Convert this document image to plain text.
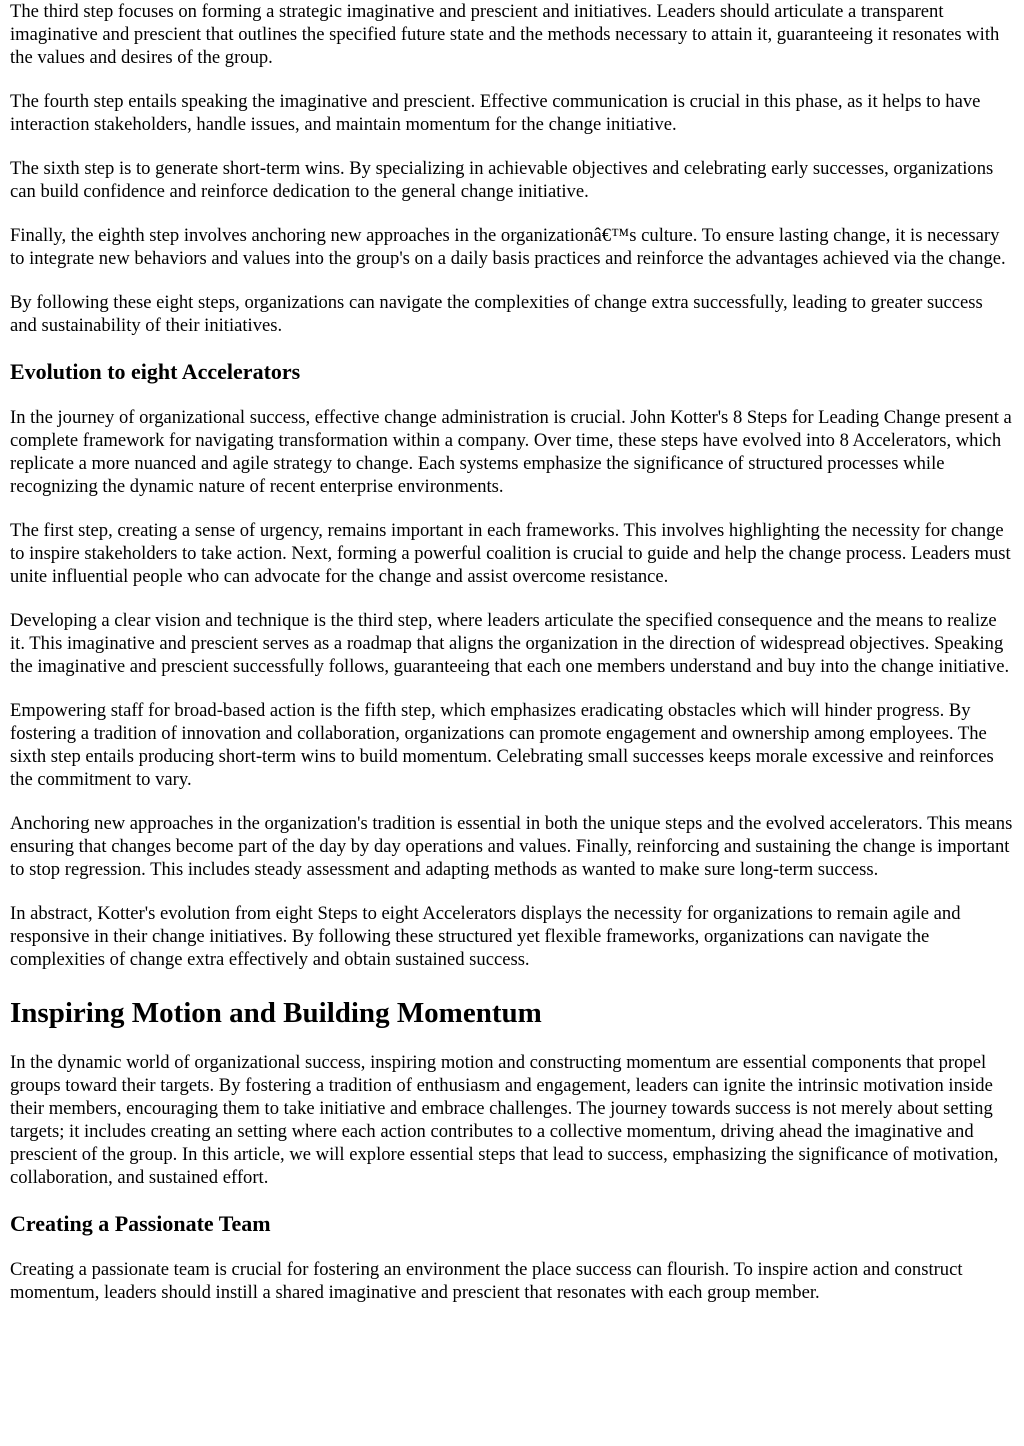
The third step focuses on forming a strategic imaginative and prescient and initiatives. Leaders should articulate a transparent imaginative and prescient that outlines the specified future state and the methods necessary to attain it, guaranteeing it resonates with the values and desires of the group.

The fourth step entails speaking the imaginative and prescient. Effective communication is crucial in this phase, as it helps to have interaction stakeholders, handle issues, and maintain momentum for the change initiative.

The sixth step is to generate short-term wins. By specializing in achievable objectives and celebrating early successes, organizations can build confidence and reinforce dedication to the general change initiative.

Finally, the eighth step involves anchoring new approaches in the organizationâ€™s culture. To ensure lasting change, it is necessary to integrate new behaviors and values into the group's on a daily basis practices and reinforce the advantages achieved via the change.

By following these eight steps, organizations can navigate the complexities of change extra successfully, leading to greater success and sustainability of their initiatives.

Evolution to eight Accelerators

In the journey of organizational success, effective change administration is crucial. John Kotter's 8 Steps for Leading Change present a complete framework for navigating transformation within a company. Over time, these steps have evolved into 8 Accelerators, which replicate a more nuanced and agile strategy to change. Each systems emphasize the significance of structured processes while recognizing the dynamic nature of recent enterprise environments.

The first step, creating a sense of urgency, remains important in each frameworks. This involves highlighting the necessity for change to inspire stakeholders to take action. Next, forming a powerful coalition is crucial to guide and help the change process. Leaders must unite influential people who can advocate for the change and assist overcome resistance.

Developing a clear vision and technique is the third step, where leaders articulate the specified consequence and the means to realize it. This imaginative and prescient serves as a roadmap that aligns the organization in the direction of widespread objectives. Speaking the imaginative and prescient successfully follows, guaranteeing that each one members understand and buy into the change initiative.

Empowering staff for broad-based action is the fifth step, which emphasizes eradicating obstacles which will hinder progress. By fostering a tradition of innovation and collaboration, organizations can promote engagement and ownership among employees. The sixth step entails producing short-term wins to build momentum. Celebrating small successes keeps morale excessive and reinforces the commitment to vary.

Anchoring new approaches in the organization's tradition is essential in both the unique steps and the evolved accelerators. This means ensuring that changes become part of the day by day operations and values. Finally, reinforcing and sustaining the change is important to stop regression. This includes steady assessment and adapting methods as wanted to make sure long-term success.

In abstract, Kotter's evolution from eight Steps to eight Accelerators displays the necessity for organizations to remain agile and responsive in their change initiatives. By following these structured yet flexible frameworks, organizations can navigate the complexities of change extra effectively and obtain sustained success.

Inspiring Motion and Building Momentum

In the dynamic world of organizational success, inspiring motion and constructing momentum are essential components that propel groups toward their targets. By fostering a tradition of enthusiasm and engagement, leaders can ignite the intrinsic motivation inside their members, encouraging them to take initiative and embrace challenges. The journey towards success is not merely about setting targets; it includes creating an setting where each action contributes to a collective momentum, driving ahead the imaginative and prescient of the group. In this article, we will explore essential steps that lead to success, emphasizing the significance of motivation, collaboration, and sustained effort.

Creating a Passionate Team

Creating a passionate team is crucial for fostering an environment the place success can flourish. To inspire action and construct momentum, leaders should instill a shared imaginative and prescient that resonates with each group member.
